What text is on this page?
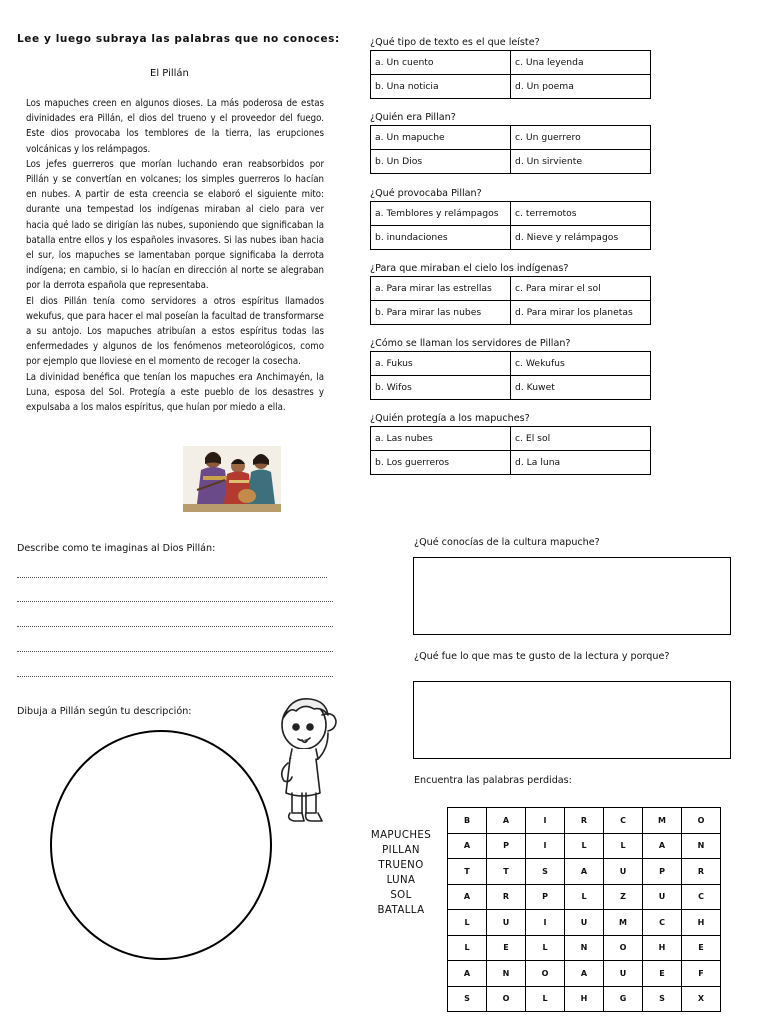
Lee y luego subraya las palabras que no conoces:
El Pillán

Los mapuches creen en algunos dioses. La más poderosa de estas divinidades era Pillán, el dios del trueno y el proveedor del fuego. Este dios provocaba los temblores de la tierra, las erupciones volcánicas y los relámpagos.

Los jefes guerreros que morían luchando eran reabsorbidos por Pillán y se convertían en volcanes; los simples guerreros lo hacían en nubes. A partir de esta creencia se elaboró el siguiente mito: durante una tempestad los indígenas miraban al cielo para ver hacia qué lado se dirigían las nubes, suponiendo que significaban la batalla entre ellos y los españoles invasores. Si las nubes iban hacia el sur, los mapuches se lamentaban porque significaba la derrota indígena; en cambio, si lo hacían en dirección al norte se alegraban por la derrota española que representaba.

El dios Pillán tenía como servidores a otros espíritus llamados wekufus, que para hacer el mal poseían la facultad de transformarse a su antojo. Los mapuches atribuían a estos espíritus todas las enfermedades y algunos de los fenómenos meteorológicos, como por ejemplo que lloviese en el momento de recoger la cosecha.

La divinidad benéfica que tenían los mapuches era Anchimayén, la Luna, esposa del Sol. Protegía a este pueblo de los desastres y expulsaba a los malos espíritus, que huían por miedo a ella.

¿Qué tipo de texto es el que leíste?
a. Un cuento	c. Una leyenda
b. Una noticia	d. Un poema
¿Quién era Pillan?
a. Un mapuche	c. Un guerrero
b. Un Dios	d. Un sirviente
¿Qué provocaba Pillan?
a. Temblores y relámpagos	c. terremotos
b. inundaciones	d. Nieve y relámpagos
¿Para que miraban el cielo los indígenas?
a. Para mirar las estrellas	c. Para mirar el sol
b. Para mirar las nubes	d. Para mirar los planetas
¿Cómo se llaman los servidores de Pillan?
a. Fukus	c. Wekufus
b. Wifos	d. Kuwet
¿Quién protegía a los mapuches?
a. Las nubes	c. El sol
b. Los guerreros	d. La luna
Describe como te imaginas al Dios Pillán:
¿Qué conocías de la cultura mapuche?
¿Qué fue lo que mas te gusto de la lectura y porque?
Dibuja a Pillán según tu descripción:
Encuentra las palabras perdidas:
MAPUCHES
PILLAN
TRUENO
LUNA
SOL
BATALLA
B	A	I	R	C	M	O
A	P	I	L	L	A	N
T	T	S	A	U	P	R
A	R	P	L	Z	U	C
L	U	I	U	M	C	H
L	E	L	N	O	H	E
A	N	O	A	U	E	F
S	O	L	H	G	S	X
